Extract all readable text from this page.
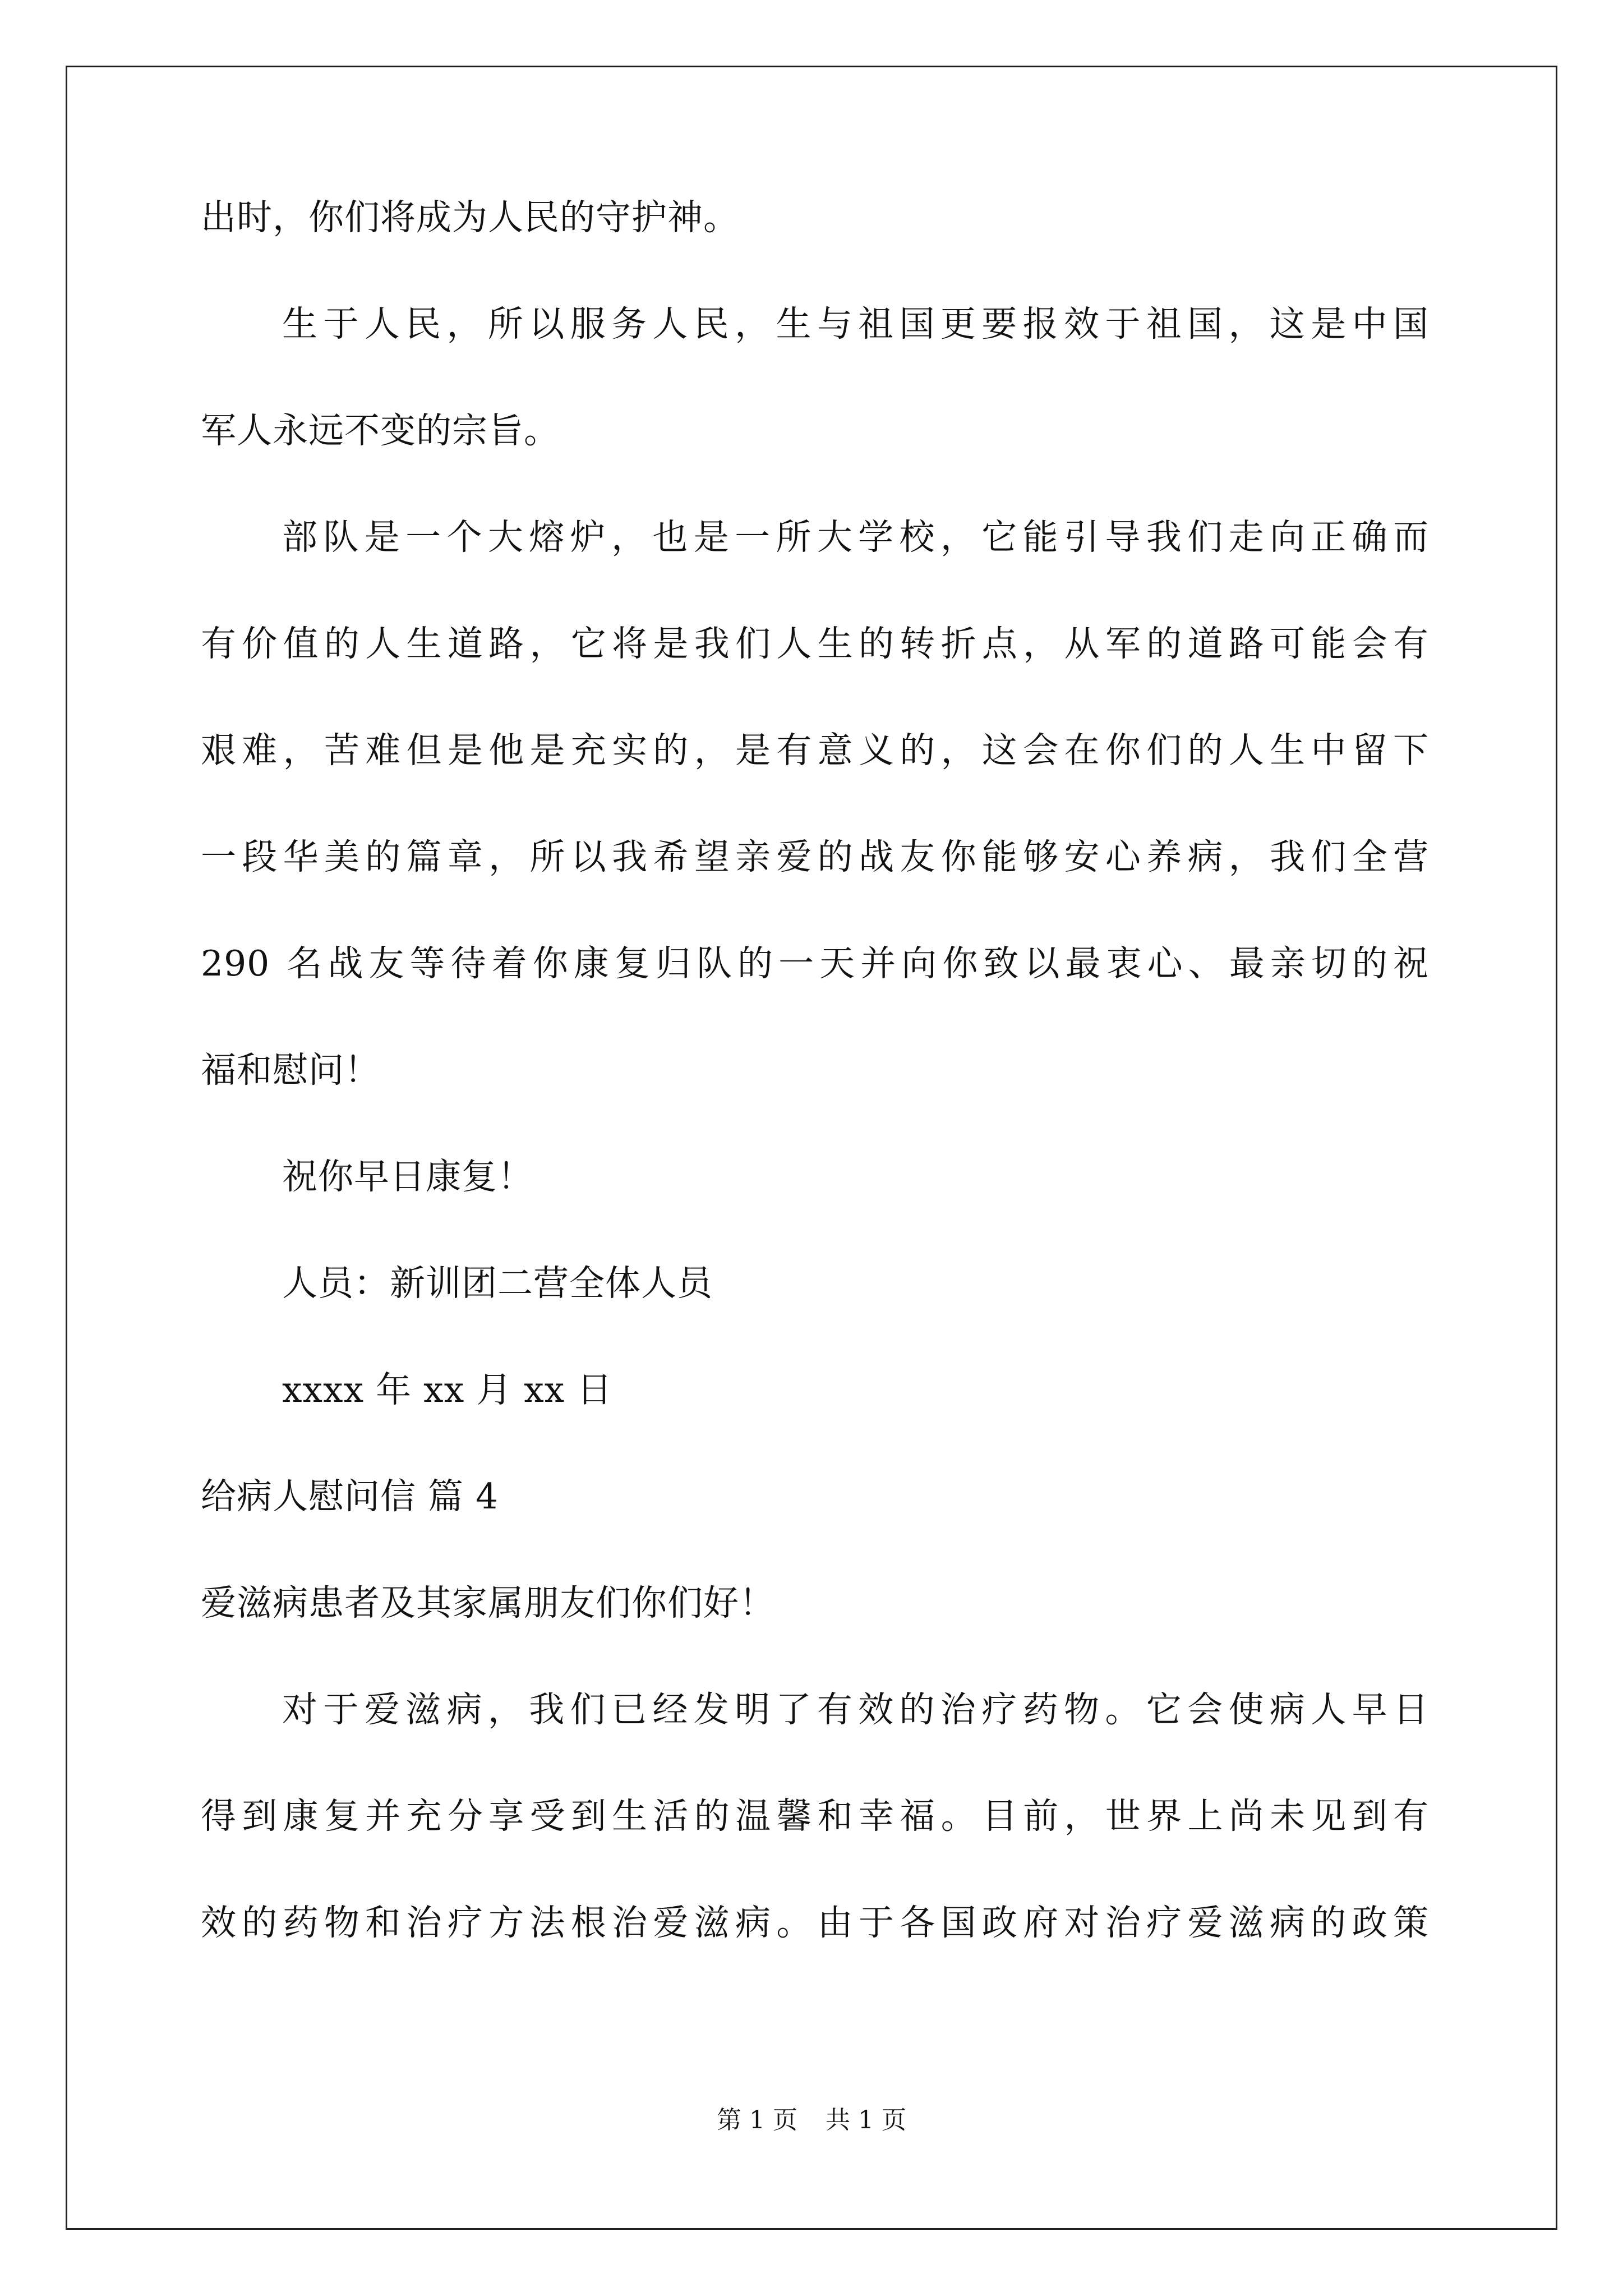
出时，你们将成为人民的守护神。
生于人民，所以服务人民，生与祖国更要报效于祖国，这是中国
军人永远不变的宗旨。
部队是一个大熔炉，也是一所大学校，它能引导我们走向正确而
有价值的人生道路，它将是我们人生的转折点，从军的道路可能会有
艰难，苦难但是他是充实的，是有意义的，这会在你们的人生中留下
一段华美的篇章，所以我希望亲爱的战友你能够安心养病，我们全营
290 名战友等待着你康复归队的一天并向你致以最衷心、最亲切的祝
福和慰问！
祝你早日康复！
人员：新训团二营全体人员
xxxx 年 xx 月 xx 日
给病人慰问信 篇 4
爱滋病患者及其家属朋友们你们好！
对于爱滋病，我们已经发明了有效的治疗药物。它会使病人早日
得到康复并充分享受到生活的温馨和幸福。目前，世界上尚未见到有
效的药物和治疗方法根治爱滋病。由于各国政府对治疗爱滋病的政策
第 1 页 共 1 页
